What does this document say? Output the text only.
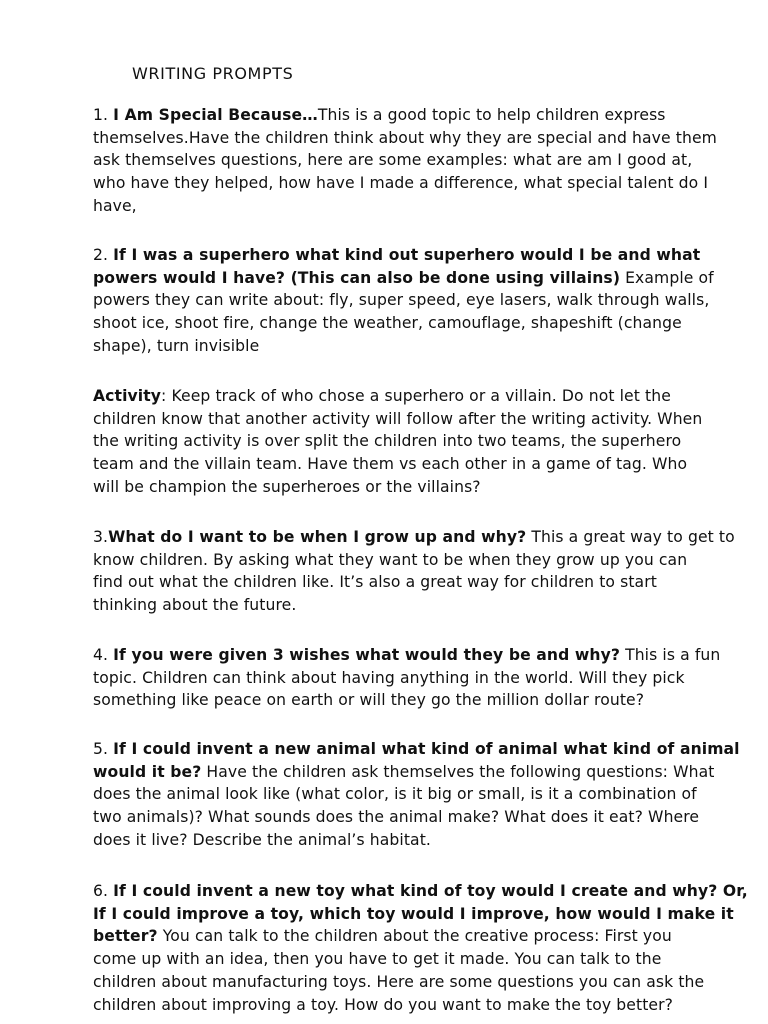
WRITING PROMPTS

1. I Am Special Because…This is a good topic to help children express
themselves.Have the children think about why they are special and have them
ask themselves questions, here are some examples: what are am I good at,
who have they helped, how have I made a difference, what special talent do I
have,

2. If I was a superhero what kind out superhero would I be and what
powers would I have? (This can also be done using villains) Example of
powers they can write about: fly, super speed, eye lasers, walk through walls,
shoot ice, shoot fire, change the weather, camouflage, shapeshift (change
shape), turn invisible

Activity: Keep track of who chose a superhero or a villain. Do not let the
children know that another activity will follow after the writing activity. When
the writing activity is over split the children into two teams, the superhero
team and the villain team. Have them vs each other in a game of tag. Who
will be champion the superheroes or the villains?

3.What do I want to be when I grow up and why? This a great way to get to
know children. By asking what they want to be when they grow up you can
find out what the children like. It’s also a great way for children to start
thinking about the future.

4. If you were given 3 wishes what would they be and why? This is a fun
topic. Children can think about having anything in the world. Will they pick
something like peace on earth or will they go the million dollar route?

5. If I could invent a new animal what kind of animal what kind of animal
would it be? Have the children ask themselves the following questions: What
does the animal look like (what color, is it big or small, is it a combination of
two animals)? What sounds does the animal make? What does it eat? Where
does it live? Describe the animal’s habitat.

6. If I could invent a new toy what kind of toy would I create and why? Or,
If I could improve a toy, which toy would I improve, how would I make it
better? You can talk to the children about the creative process: First you
come up with an idea, then you have to get it made. You can talk to the
children about manufacturing toys. Here are some questions you can ask the
children about improving a toy. How do you want to make the toy better?
